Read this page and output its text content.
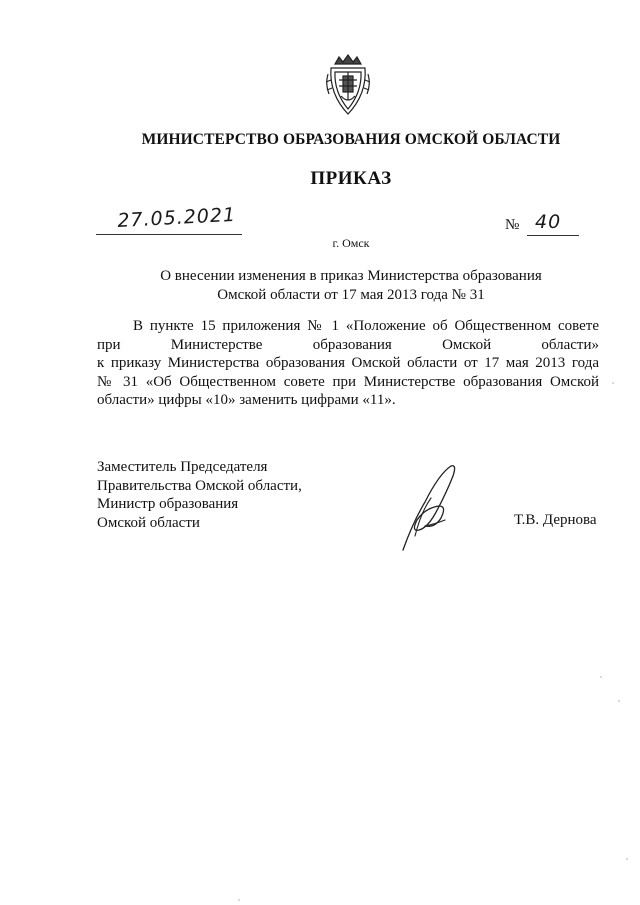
МИНИСТЕРСТВО ОБРАЗОВАНИЯ ОМСКОЙ ОБЛАСТИ
ПРИКАЗ
27.05.2021	№ 40
г. Омск
О внесении изменения в приказ Министерства образования
Омской области от 17 мая 2013 года № 31
В пункте 15 приложения № 1 «Положение об Общественном совете
при Министерстве образования Омской области»
к приказу Министерства образования Омской области от 17 мая 2013 года
№ 31 «Об Общественном совете при Министерстве образования Омской
области» цифры «10» заменить цифрами «11».
Заместитель Председателя
Правительства Омской области,
Министр образования
Омской области	Т.В. Дернова
